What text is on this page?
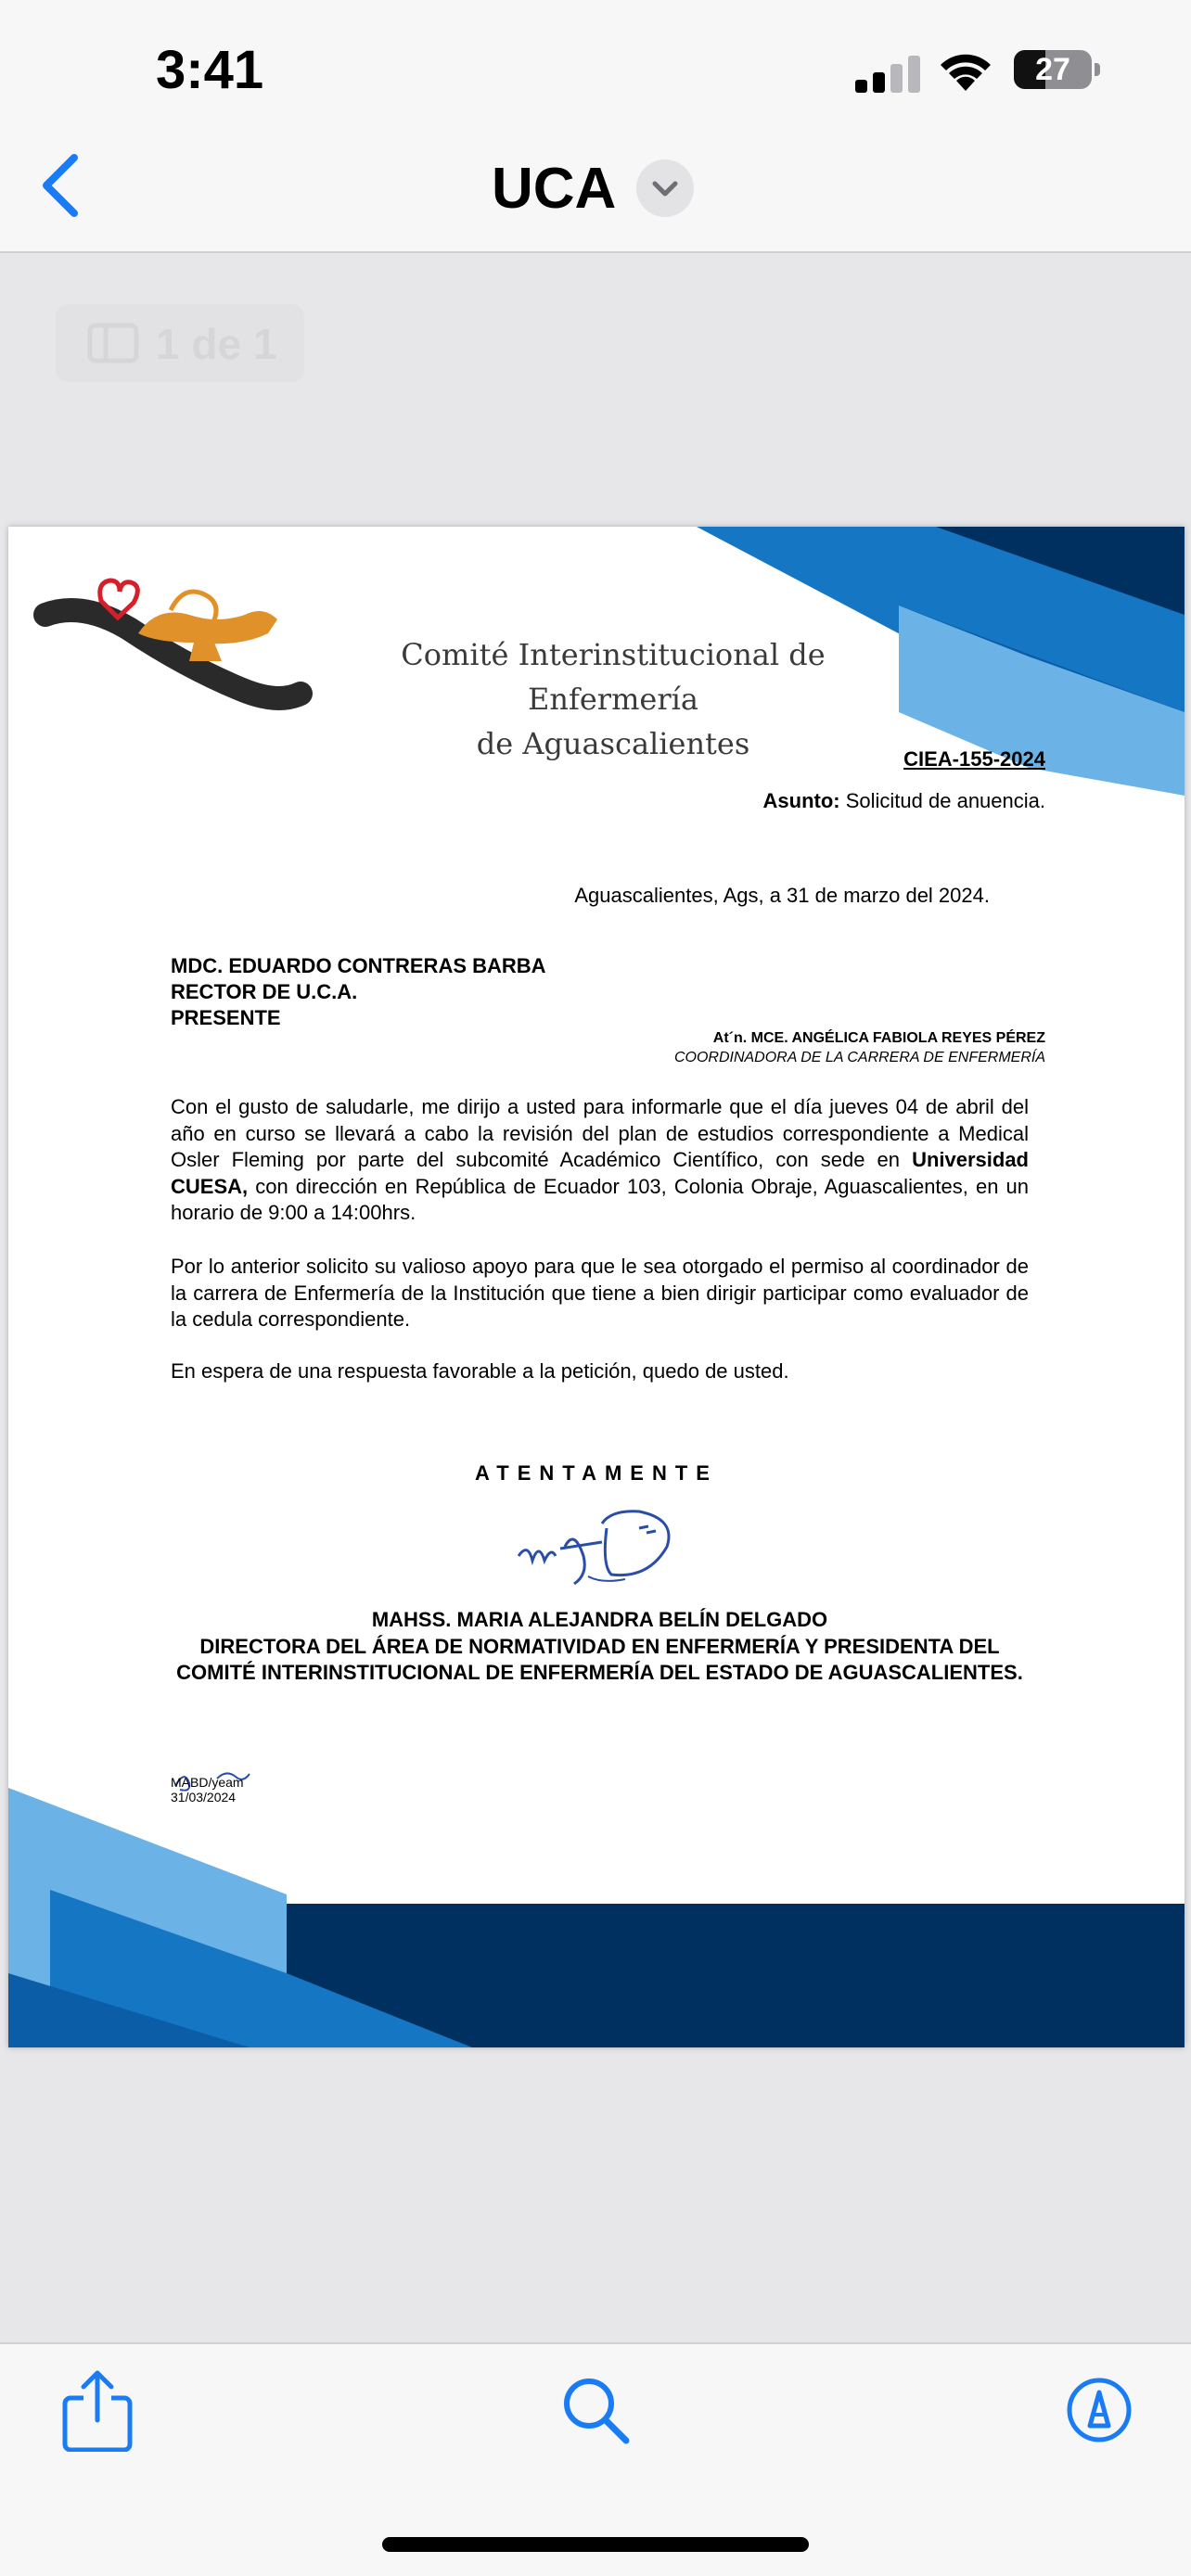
3:41	27
UCA
1 de 1
Comité Interinstitucional de Enfermería
de Aguascalientes	CIEA-155-2024
Asunto: Solicitud de anuencia.
Aguascalientes, Ags, a 31 de marzo del 2024.
MDC. EDUARDO CONTRERAS BARBA
RECTOR DE U.C.A.
PRESENTE
At´n. MCE. ANGÉLICA FABIOLA REYES PÉREZ
COORDINADORA DE LA CARRERA DE ENFERMERÍA
Con el gusto de saludarle, me dirijo a usted para informarle que el día jueves 04 de abril del año en curso se llevará a cabo la revisión del plan de estudios correspondiente a Medical Osler Fleming por parte del subcomité Académico Científico, con sede en Universidad CUESA, con dirección en República de Ecuador 103, Colonia Obraje, Aguascalientes, en un horario de 9:00 a 14:00hrs.
Por lo anterior solicito su valioso apoyo para que le sea otorgado el permiso al coordinador de la carrera de Enfermería de la Institución que tiene a bien dirigir participar como evaluador de la cedula correspondiente.
En espera de una respuesta favorable a la petición, quedo de usted.
ATENTAMENTE
MAHSS. MARIA ALEJANDRA BELÍN DELGADO
DIRECTORA DEL ÁREA DE NORMATIVIDAD EN ENFERMERÍA Y PRESIDENTA DEL COMITÉ INTERINSTITUCIONAL DE ENFERMERÍA DEL ESTADO DE AGUASCALIENTES.
MABD/yeam
31/03/2024
